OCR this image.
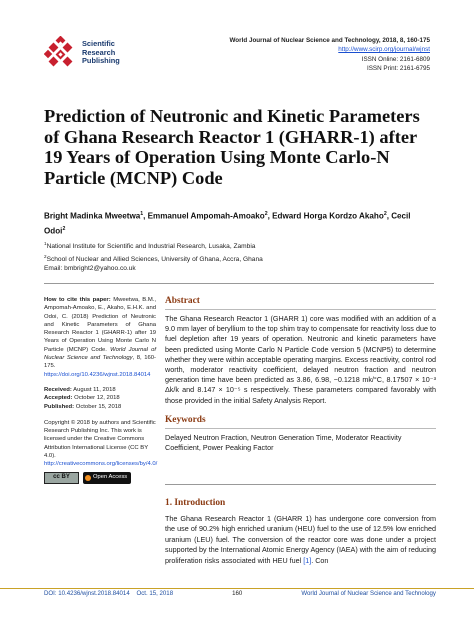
Scientific
Research
Publishing
World Journal of Nuclear Science and Technology, 2018, 8, 160-175
http://www.scirp.org/journal/wjnst
ISSN Online: 2161-6809
ISSN Print: 2161-6795
Prediction of Neutronic and Kinetic Parameters of Ghana Research Reactor 1 (GHARR-1) after 19 Years of Operation Using Monte Carlo-N Particle (MCNP) Code
Bright Madinka Mweetwa$^1$, Emmanuel Ampomah-Amoako$^2$, Edward Horga Kordzo Akaho$^2$, Cecil Odoi$^2$
$^1$National Institute for Scientific and Industrial Research, Lusaka, Zambia
$^2$School of Nuclear and Allied Sciences, University of Ghana, Accra, Ghana
Email: bmbright2@yahoo.co.uk

How to cite this paper: Mweetwa, B.M., Ampomah-Amoako, E., Akaho, E.H.K. and Odoi, C. (2018) Prediction of Neutronic and Kinetic Parameters of Ghana Research Reactor 1 (GHARR-1) after 19 Years of Operation Using Monte Carlo N Particle (MCNP) Code. World Journal of Nuclear Science and Technology, 8, 160-175. https://doi.org/10.4236/wjnst.2018.84014

Received: August 11, 2018
Accepted: October 12, 2018
Published: October 15, 2018

Copyright © 2018 by authors and Scientific Research Publishing Inc. This work is licensed under the Creative Commons Attribution International License (CC BY 4.0). http://creativecommons.org/licenses/by/4.0/

cc BY	Open Access

Abstract

The Ghana Research Reactor 1 (GHARR 1) core was modified with an addition of a 9.0 mm layer of beryllium to the top shim tray to compensate for reactivity loss due to fuel depletion after 19 years of operation. Neutronic and kinetic parameters have been predicted using Monte Carlo N Particle Code version 5 (MCNP5) to determine whether they were within acceptable operating margins. Excess reactivity, control rod worth, moderator reactivity coefficient, delayed neutron fraction and neutron generation time have been predicted as 3.86, 6.98, −0.1218 mk/°C, 8.17507 × 10⁻³ Δk/k and 8.147 × 10⁻⁵ s respectively. These parameters compared favorably with those provided in the initial Safety Analysis Report.

Keywords

Delayed Neutron Fraction, Neutron Generation Time, Moderator Reactivity Coefficient, Power Peaking Factor

1. Introduction

The Ghana Research Reactor 1 (GHARR 1) has undergone core conversion from the use of 90.2% high enriched uranium (HEU) fuel to the use of 12.5% low enriched uranium (LEU) fuel. The conversion of the reactor core was done under a project supported by the International Atomic Energy Agency (IAEA) with the aim of reducing proliferation risks associated with HEU fuel [1]. Con

DOI: 10.4236/wjnst.2018.84014 Oct. 15, 2018	160	World Journal of Nuclear Science and Technology
